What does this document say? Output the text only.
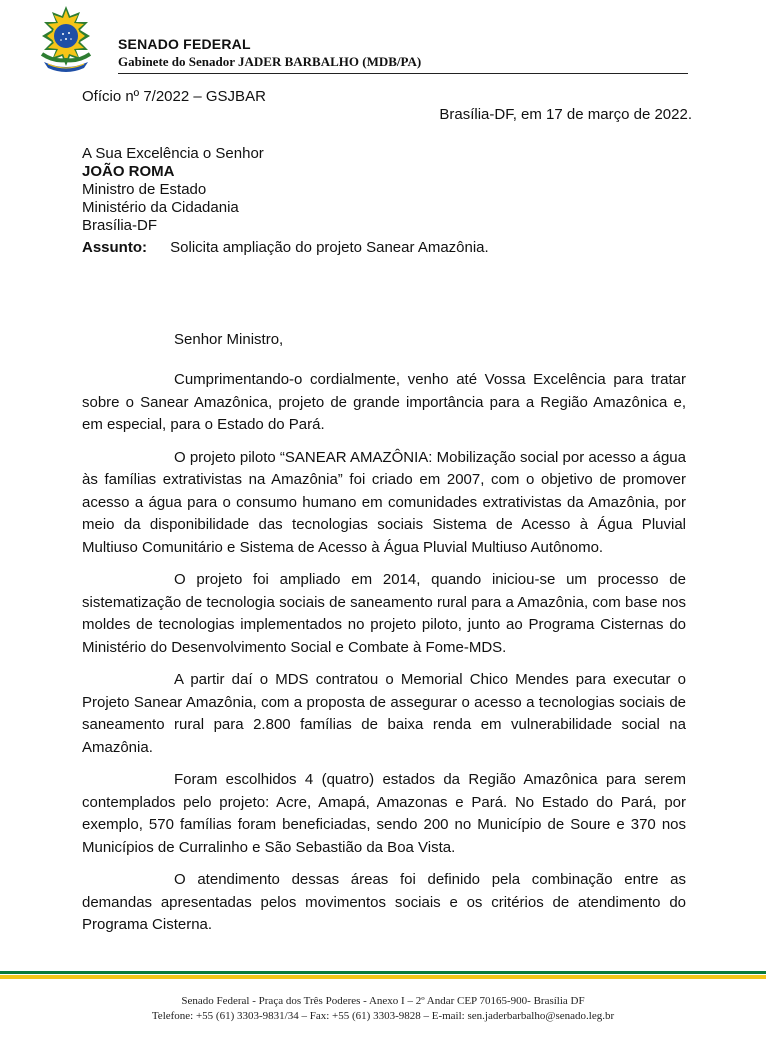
SENADO FEDERAL
Gabinete do Senador JADER BARBALHO (MDB/PA)
Ofício nº 7/2022 – GSJBAR
Brasília-DF, em 17 de março de 2022.
A Sua Excelência o Senhor
JOÃO ROMA
Ministro de Estado
Ministério da Cidadania
Brasília-DF
Assunto: Solicita ampliação do projeto Sanear Amazônia.
Senhor Ministro,

Cumprimentando-o cordialmente, venho até Vossa Excelência para tratar sobre o Sanear Amazônica, projeto de grande importância para a Região Amazônica e, em especial, para o Estado do Pará.

O projeto piloto “SANEAR AMAZÔNIA: Mobilização social por acesso a água às famílias extrativistas na Amazônia” foi criado em 2007, com o objetivo de promover acesso a água para o consumo humano em comunidades extrativistas da Amazônia, por meio da disponibilidade das tecnologias sociais Sistema de Acesso à Água Pluvial Multiuso Comunitário e Sistema de Acesso à Água Pluvial Multiuso Autônomo.

O projeto foi ampliado em 2014, quando iniciou-se um processo de sistematização de tecnologia sociais de saneamento rural para a Amazônia, com base nos moldes de tecnologias implementados no projeto piloto, junto ao Programa Cisternas do Ministério do Desenvolvimento Social e Combate à Fome-MDS.

A partir daí o MDS contratou o Memorial Chico Mendes para executar o Projeto Sanear Amazônia, com a proposta de assegurar o acesso a tecnologias sociais de saneamento rural para 2.800 famílias de baixa renda em vulnerabilidade social na Amazônia.

Foram escolhidos 4 (quatro) estados da Região Amazônica para serem contemplados pelo projeto: Acre, Amapá, Amazonas e Pará. No Estado do Pará, por exemplo, 570 famílias foram beneficiadas, sendo 200 no Município de Soure e 370 nos Municípios de Curralinho e São Sebastião da Boa Vista.

O atendimento dessas áreas foi definido pela combinação entre as demandas apresentadas pelos movimentos sociais e os critérios de atendimento do Programa Cisterna.

Senado Federal - Praça dos Três Poderes - Anexo I – 2º Andar CEP 70165-900- Brasília DF
Telefone: +55 (61) 3303-9831/34 – Fax: +55 (61) 3303-9828 – E-mail: sen.jaderbarbalho@senado.leg.br
